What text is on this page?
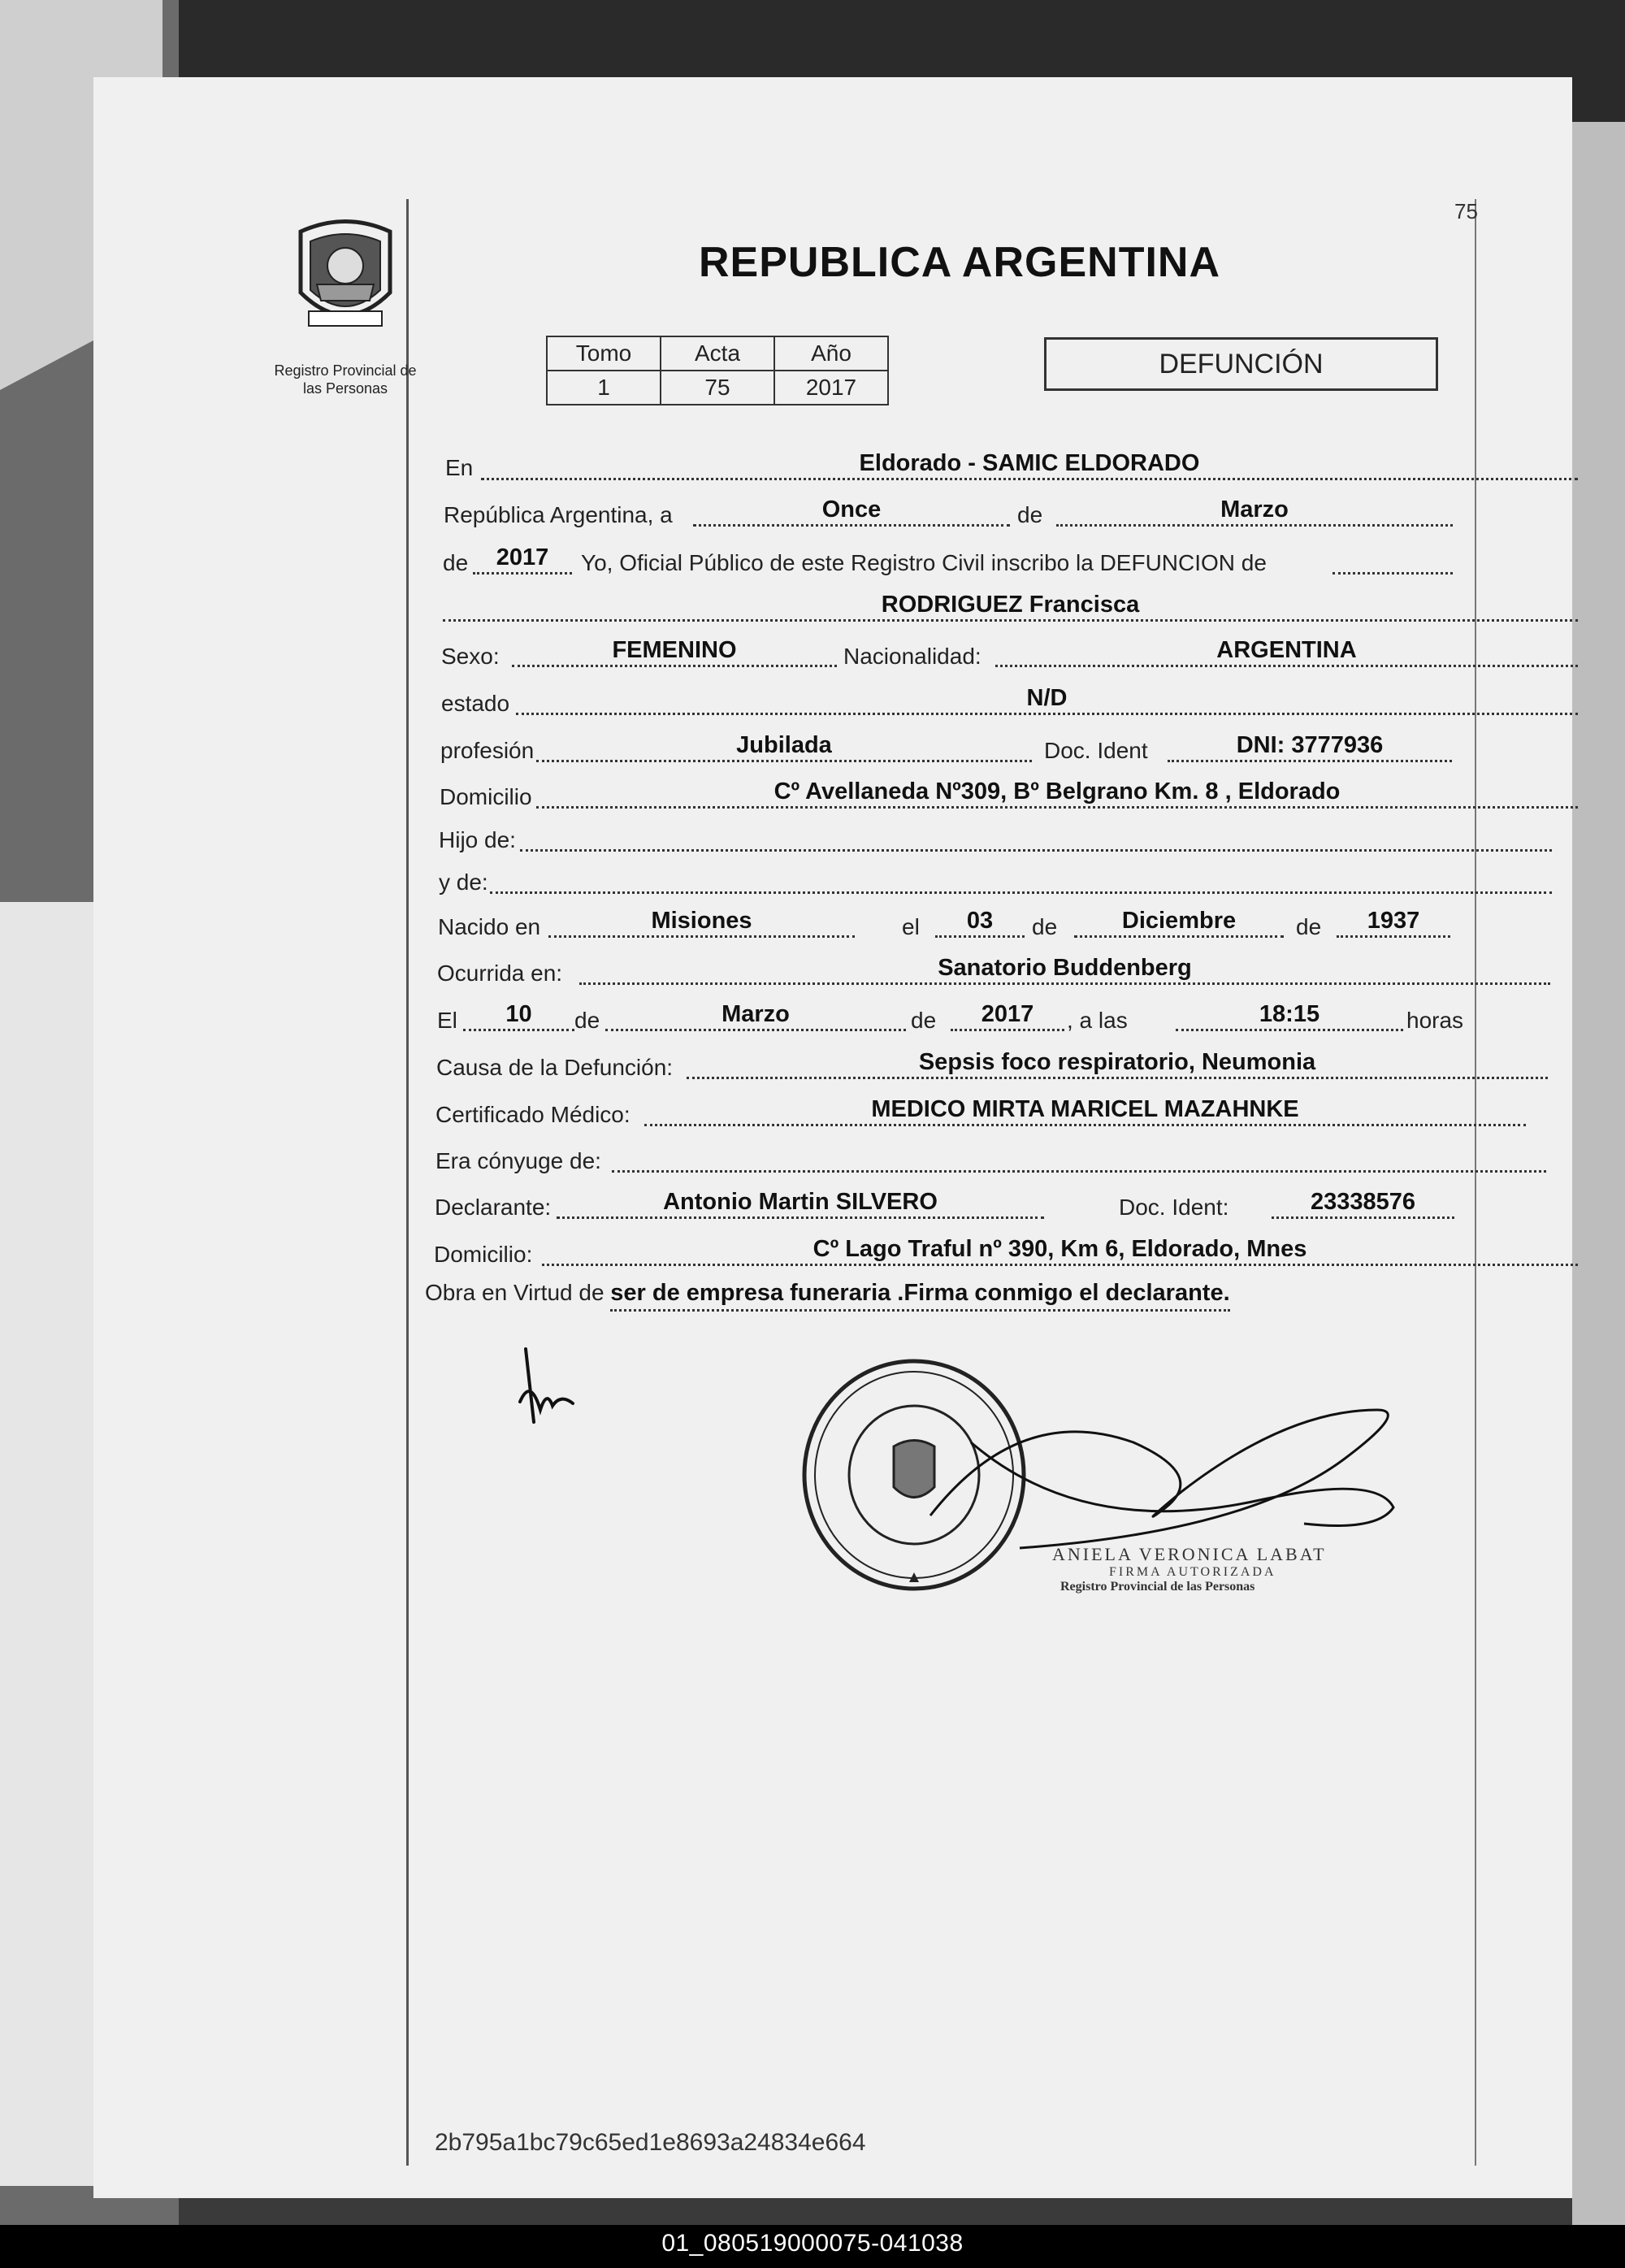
75
Registro Provincial de
las Personas
REPUBLICA ARGENTINA
Tomo	Acta	Año
1	75	2017
DEFUNCIÓN
En	Eldorado - SAMIC ELDORADO
República Argentina, a	Once	de	Marzo
de	2017	Yo, Oficial Público de este Registro Civil inscribo la DEFUNCION de
RODRIGUEZ Francisca
Sexo:	FEMENINO	Nacionalidad:	ARGENTINA
estado	N/D
profesión	Jubilada	Doc. Ident	DNI: 3777936
Domicilio	Cº Avellaneda Nº309, Bº Belgrano Km. 8 , Eldorado
Hijo de:
y de:
Nacido en	Misiones	el	03	de	Diciembre	de	1937
Ocurrida en:	Sanatorio Buddenberg
El	10	de	Marzo	de	2017	, a las	18:15	horas
Causa de la Defunción:	Sepsis foco respiratorio, Neumonia
Certificado Médico:	MEDICO MIRTA MARICEL MAZAHNKE
Era cónyuge de:
Declarante:	Antonio Martin SILVERO	Doc. Ident:	23338576
Domicilio:	Cº Lago Traful nº 390, Km 6, Eldorado, Mnes
Obra en Virtud de ser de empresa funeraria .Firma conmigo el declarante.
ANIELA VERONICA LABAT
FIRMA AUTORIZADA
Registro Provincial de las Personas
2b795a1bc79c65ed1e8693a24834e664
01_080519000075-041038
